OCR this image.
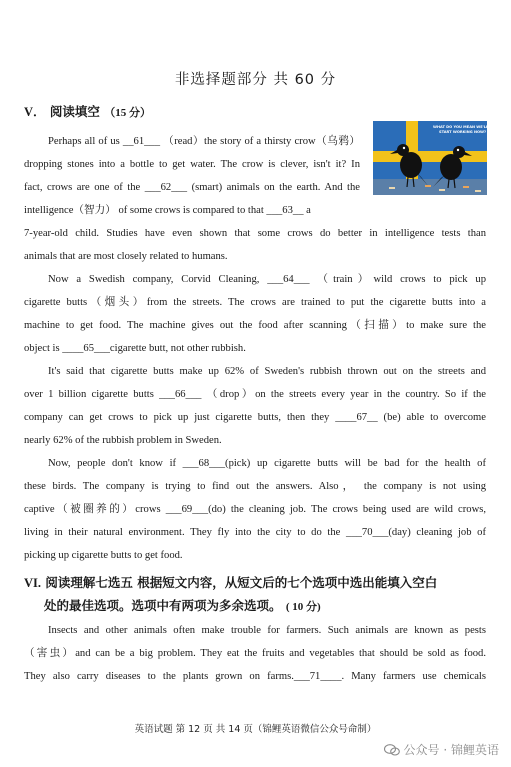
非选择题部分 共 60 分
V． 阅读填空 （15 分）
Perhaps all of us __61___ （read）the story of a thirsty crow（乌鸦）
dropping stones into a bottle to get water. The crow is clever, isn't it? In
fact, crows are one of the ___62___ (smart) animals on the earth. And the
intelligence（智力） of some crows is compared to that ___63__ a
7-year-old child. Studies have even shown that some crows do better in intelligence tests than
animals that are most closely related to humans.
Now a Swedish company, Corvid Cleaning, ___64___ （train）wild crows to pick up
cigarette butts（烟头）from the streets. The crows are trained to put the cigarette butts into a
machine to get food. The machine gives out the food after scanning（扫描）to make sure the
object is ____65___cigarette butt, not other rubbish.
It's said that cigarette butts make up 62% of Sweden's rubbish thrown out on the streets and
over 1 billion cigarette butts ___66___ （drop）on the streets every year in the country. So if the
company can get crows to pick up just cigarette butts, then they ____67__ (be) able to overcome
nearly 62% of the rubbish problem in Sweden.
Now, people don't know if ___68___(pick) up cigarette butts will be bad for the health of
these birds. The company is trying to find out the answers. Also， the company is not using
captive（被圈养的）crows ___69___(do) the cleaning job. The crows being used are wild crows,
living in their natural environment. They fly into the city to do the ___70___(day) cleaning job of
picking up cigarette butts to get food.
WHAT DO YOU MEAN WE'LL HAVE TO START WORKING NOW?
VI. 阅读理解七选五 根据短文内容，从短文后的七个选项中选出能填入空白
处的最佳选项。选项中有两项为多余选项。 ( 10 分)
Insects and other animals often make trouble for farmers. Such animals are known as pests
（害虫）and can be a big problem. They eat the fruits and vegetables that should be sold as food.
They also carry diseases to the plants grown on farms.___71____. Many farmers use chemicals
英语试题 第 12 页 共 14 页（锦鲤英语微信公众号命制）
公众号 · 锦鲤英语
